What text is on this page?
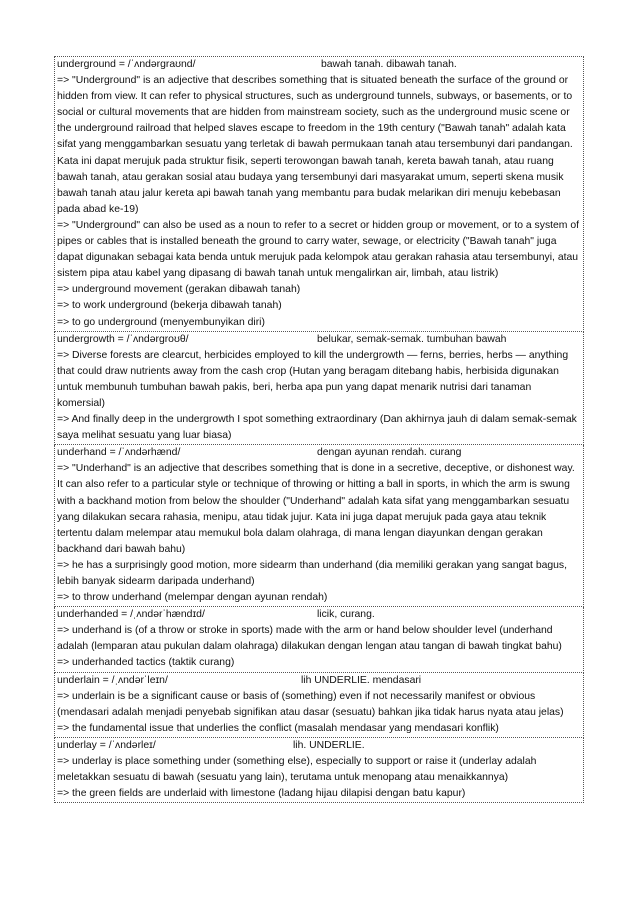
underground = /ˈʌndərɡraʊnd/	bawah tanah. dibawah tanah.
=> "Underground" is an adjective that describes something that is situated beneath the surface of the ground or hidden from view. It can refer to physical structures, such as underground tunnels, subways, or basements, or to social or cultural movements that are hidden from mainstream society, such as the underground music scene or the underground railroad that helped slaves escape to freedom in the 19th century ("Bawah tanah" adalah kata sifat yang menggambarkan sesuatu yang terletak di bawah permukaan tanah atau tersembunyi dari pandangan. Kata ini dapat merujuk pada struktur fisik, seperti terowongan bawah tanah, kereta bawah tanah, atau ruang bawah tanah, atau gerakan sosial atau budaya yang tersembunyi dari masyarakat umum, seperti skena musik bawah tanah atau jalur kereta api bawah tanah yang membantu para budak melarikan diri menuju kebebasan pada abad ke-19)
=> "Underground" can also be used as a noun to refer to a secret or hidden group or movement, or to a system of pipes or cables that is installed beneath the ground to carry water, sewage, or electricity ("Bawah tanah" juga dapat digunakan sebagai kata benda untuk merujuk pada kelompok atau gerakan rahasia atau tersembunyi, atau sistem pipa atau kabel yang dipasang di bawah tanah untuk mengalirkan air, limbah, atau listrik)
=> underground movement (gerakan dibawah tanah)
=> to work underground (bekerja dibawah tanah)
=> to go underground (menyembunyikan diri)
undergrowth = /ˈʌndərɡroʊθ/	belukar, semak-semak. tumbuhan bawah
=> Diverse forests are clearcut, herbicides employed to kill the undergrowth — ferns, berries, herbs — anything that could draw nutrients away from the cash crop (Hutan yang beragam ditebang habis, herbisida digunakan untuk membunuh tumbuhan bawah pakis, beri, herba apa pun yang dapat menarik nutrisi dari tanaman komersial)
=> And finally deep in the undergrowth I spot something extraordinary (Dan akhirnya jauh di dalam semak-semak saya melihat sesuatu yang luar biasa)
underhand = /ˈʌndərhænd/	dengan ayunan rendah. curang
=> "Underhand" is an adjective that describes something that is done in a secretive, deceptive, or dishonest way. It can also refer to a particular style or technique of throwing or hitting a ball in sports, in which the arm is swung with a backhand motion from below the shoulder ("Underhand" adalah kata sifat yang menggambarkan sesuatu yang dilakukan secara rahasia, menipu, atau tidak jujur. Kata ini juga dapat merujuk pada gaya atau teknik tertentu dalam melempar atau memukul bola dalam olahraga, di mana lengan diayunkan dengan gerakan backhand dari bawah bahu)
=> he has a surprisingly good motion, more sidearm than underhand (dia memiliki gerakan yang sangat bagus, lebih banyak sidearm daripada underhand)
=> to throw underhand (melempar dengan ayunan rendah)
underhanded = /ˌʌndərˈhændɪd/	licik, curang.
=> underhand is (of a throw or stroke in sports) made with the arm or hand below shoulder level (underhand adalah (lemparan atau pukulan dalam olahraga) dilakukan dengan lengan atau tangan di bawah tingkat bahu)
=> underhanded tactics (taktik curang)
underlain = /ˌʌndərˈleɪn/	lih UNDERLIE. mendasari
=> underlain is be a significant cause or basis of (something) even if not necessarily manifest or obvious (mendasari adalah menjadi penyebab signifikan atau dasar (sesuatu) bahkan jika tidak harus nyata atau jelas)
=> the fundamental issue that underlies the conflict (masalah mendasar yang mendasari konflik)
underlay = /ˈʌndərleɪ/	lih. UNDERLIE.
=> underlay is place something under (something else), especially to support or raise it (underlay adalah meletakkan sesuatu di bawah (sesuatu yang lain), terutama untuk menopang atau menaikkannya)
=> the green fields are underlaid with limestone (ladang hijau dilapisi dengan batu kapur)
